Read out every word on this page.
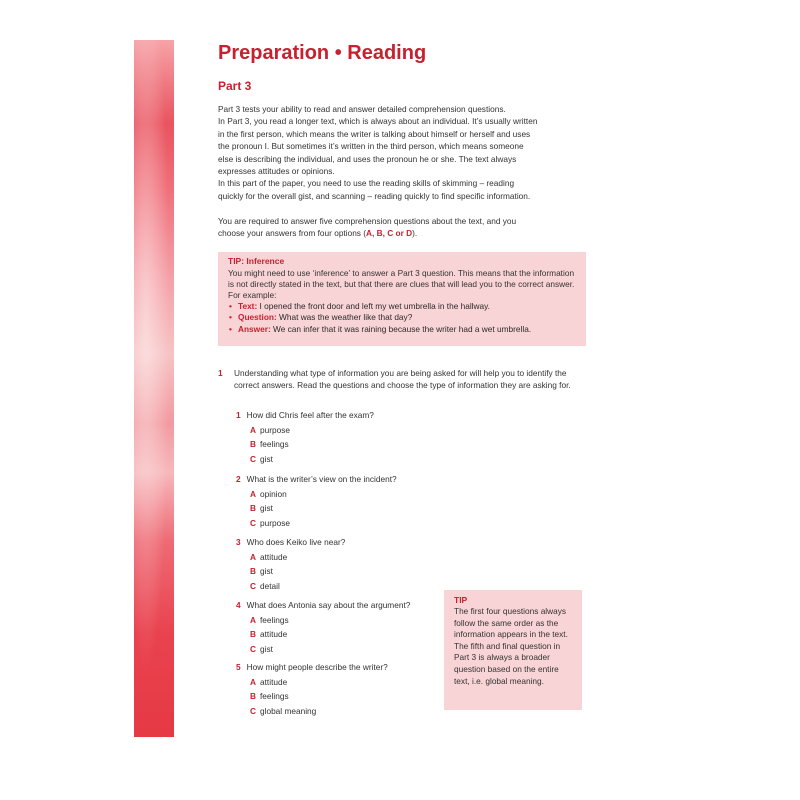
Preparation • Reading
Part 3
Part 3 tests your ability to read and answer detailed comprehension questions.
In Part 3, you read a longer text, which is always about an individual. It’s usually written
in the first person, which means the writer is talking about himself or herself and uses
the pronoun I. But sometimes it’s written in the third person, which means someone
else is describing the individual, and uses the pronoun he or she. The text always
expresses attitudes or opinions.
In this part of the paper, you need to use the reading skills of skimming – reading
quickly for the overall gist, and scanning – reading quickly to find specific information.
You are required to answer five comprehension questions about the text, and you
choose your answers from four options (A, B, C or D).
TIP: Inference
You might need to use ‘inference’ to answer a Part 3 question. This means that the information is not directly stated in the text, but that there are clues that will lead you to the correct answer. For example:
• Text: I opened the front door and left my wet umbrella in the hallway.
• Question: What was the weather like that day?
• Answer: We can infer that it was raining because the writer had a wet umbrella.
1 Understanding what type of information you are being asked for will help you to identify the correct answers. Read the questions and choose the type of information they are asking for.
1 How did Chris feel after the exam?
A purpose
B feelings
C gist
2 What is the writer’s view on the incident?
A opinion
B gist
C purpose
3 Who does Keiko live near?
A attitude
B gist
C detail
4 What does Antonia say about the argument?
A feelings
B attitude
C gist
5 How might people describe the writer?
A attitude
B feelings
C global meaning
TIP
The first four questions always follow the same order as the information appears in the text. The fifth and final question in Part 3 is always a broader question based on the entire text, i.e. global meaning.
